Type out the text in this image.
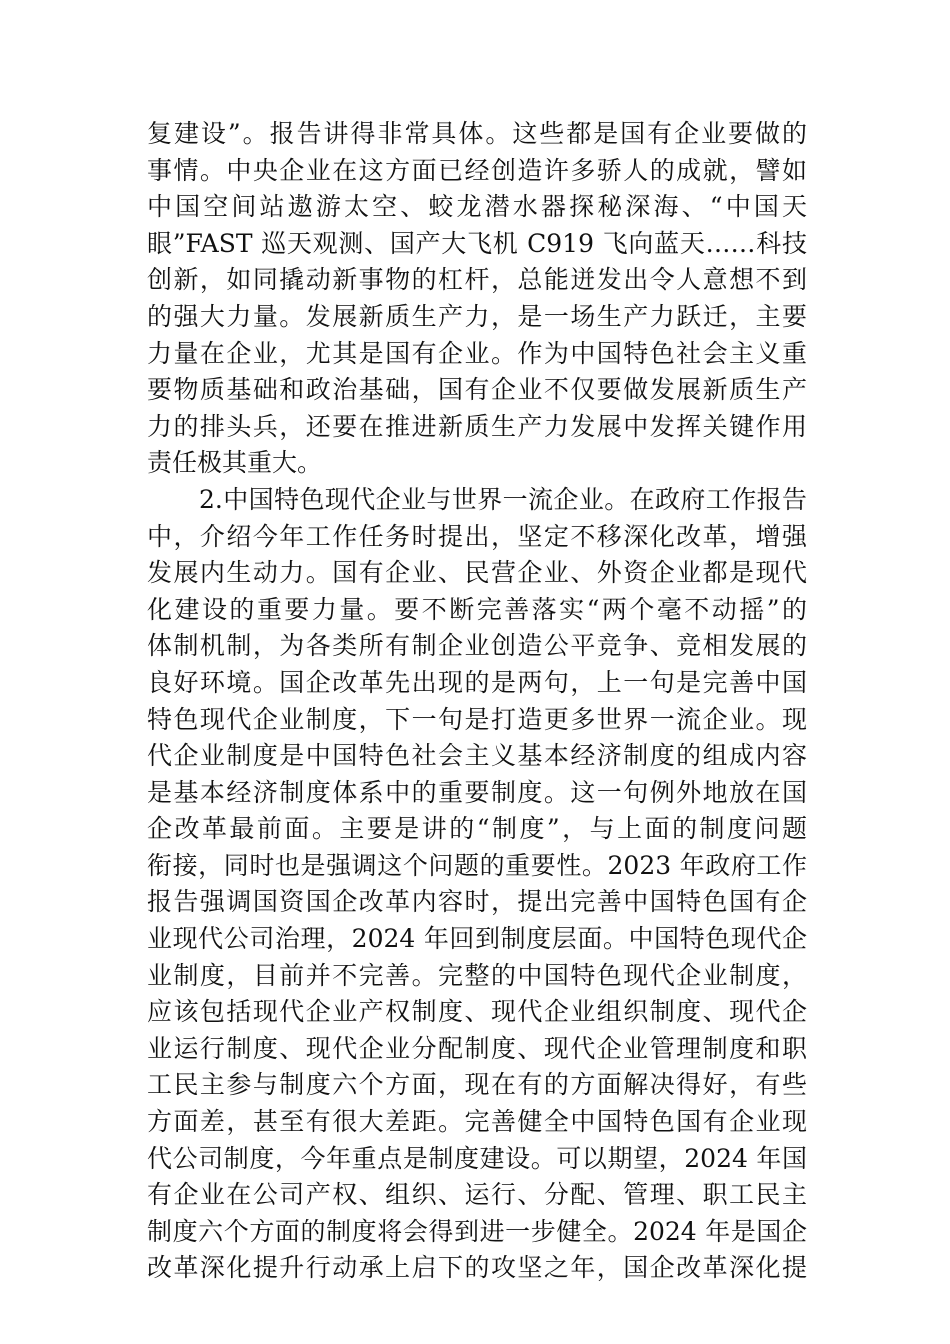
复建设”。报告讲得非常具体。这些都是国有企业要做的
事情。中央企业在这方面已经创造许多骄人的成就，譬如
中国空间站遨游太空、蛟龙潜水器探秘深海、“中国天
眼”FAST 巡天观测、国产大飞机 C919 飞向蓝天……科技
创新，如同撬动新事物的杠杆，总能迸发出令人意想不到
的强大力量。发展新质生产力，是一场生产力跃迁，主要
力量在企业，尤其是国有企业。作为中国特色社会主义重
要物质基础和政治基础，国有企业不仅要做发展新质生产
力的排头兵，还要在推进新质生产力发展中发挥关键作用
责任极其重大。
2.中国特色现代企业与世界一流企业。在政府工作报告
中，介绍今年工作任务时提出，坚定不移深化改革，增强
发展内生动力。国有企业、民营企业、外资企业都是现代
化建设的重要力量。要不断完善落实“两个毫不动摇”的
体制机制，为各类所有制企业创造公平竞争、竞相发展的
良好环境。国企改革先出现的是两句，上一句是完善中国
特色现代企业制度，下一句是打造更多世界一流企业。现
代企业制度是中国特色社会主义基本经济制度的组成内容
是基本经济制度体系中的重要制度。这一句例外地放在国
企改革最前面。主要是讲的“制度”，与上面的制度问题
衔接，同时也是强调这个问题的重要性。2023 年政府工作
报告强调国资国企改革内容时，提出完善中国特色国有企
业现代公司治理，2024 年回到制度层面。中国特色现代企
业制度，目前并不完善。完整的中国特色现代企业制度，
应该包括现代企业产权制度、现代企业组织制度、现代企
业运行制度、现代企业分配制度、现代企业管理制度和职
工民主参与制度六个方面，现在有的方面解决得好，有些
方面差，甚至有很大差距。完善健全中国特色国有企业现
代公司制度，今年重点是制度建设。可以期望，2024 年国
有企业在公司产权、组织、运行、分配、管理、职工民主
制度六个方面的制度将会得到进一步健全。2024 年是国企
改革深化提升行动承上启下的攻坚之年，国企改革深化提
